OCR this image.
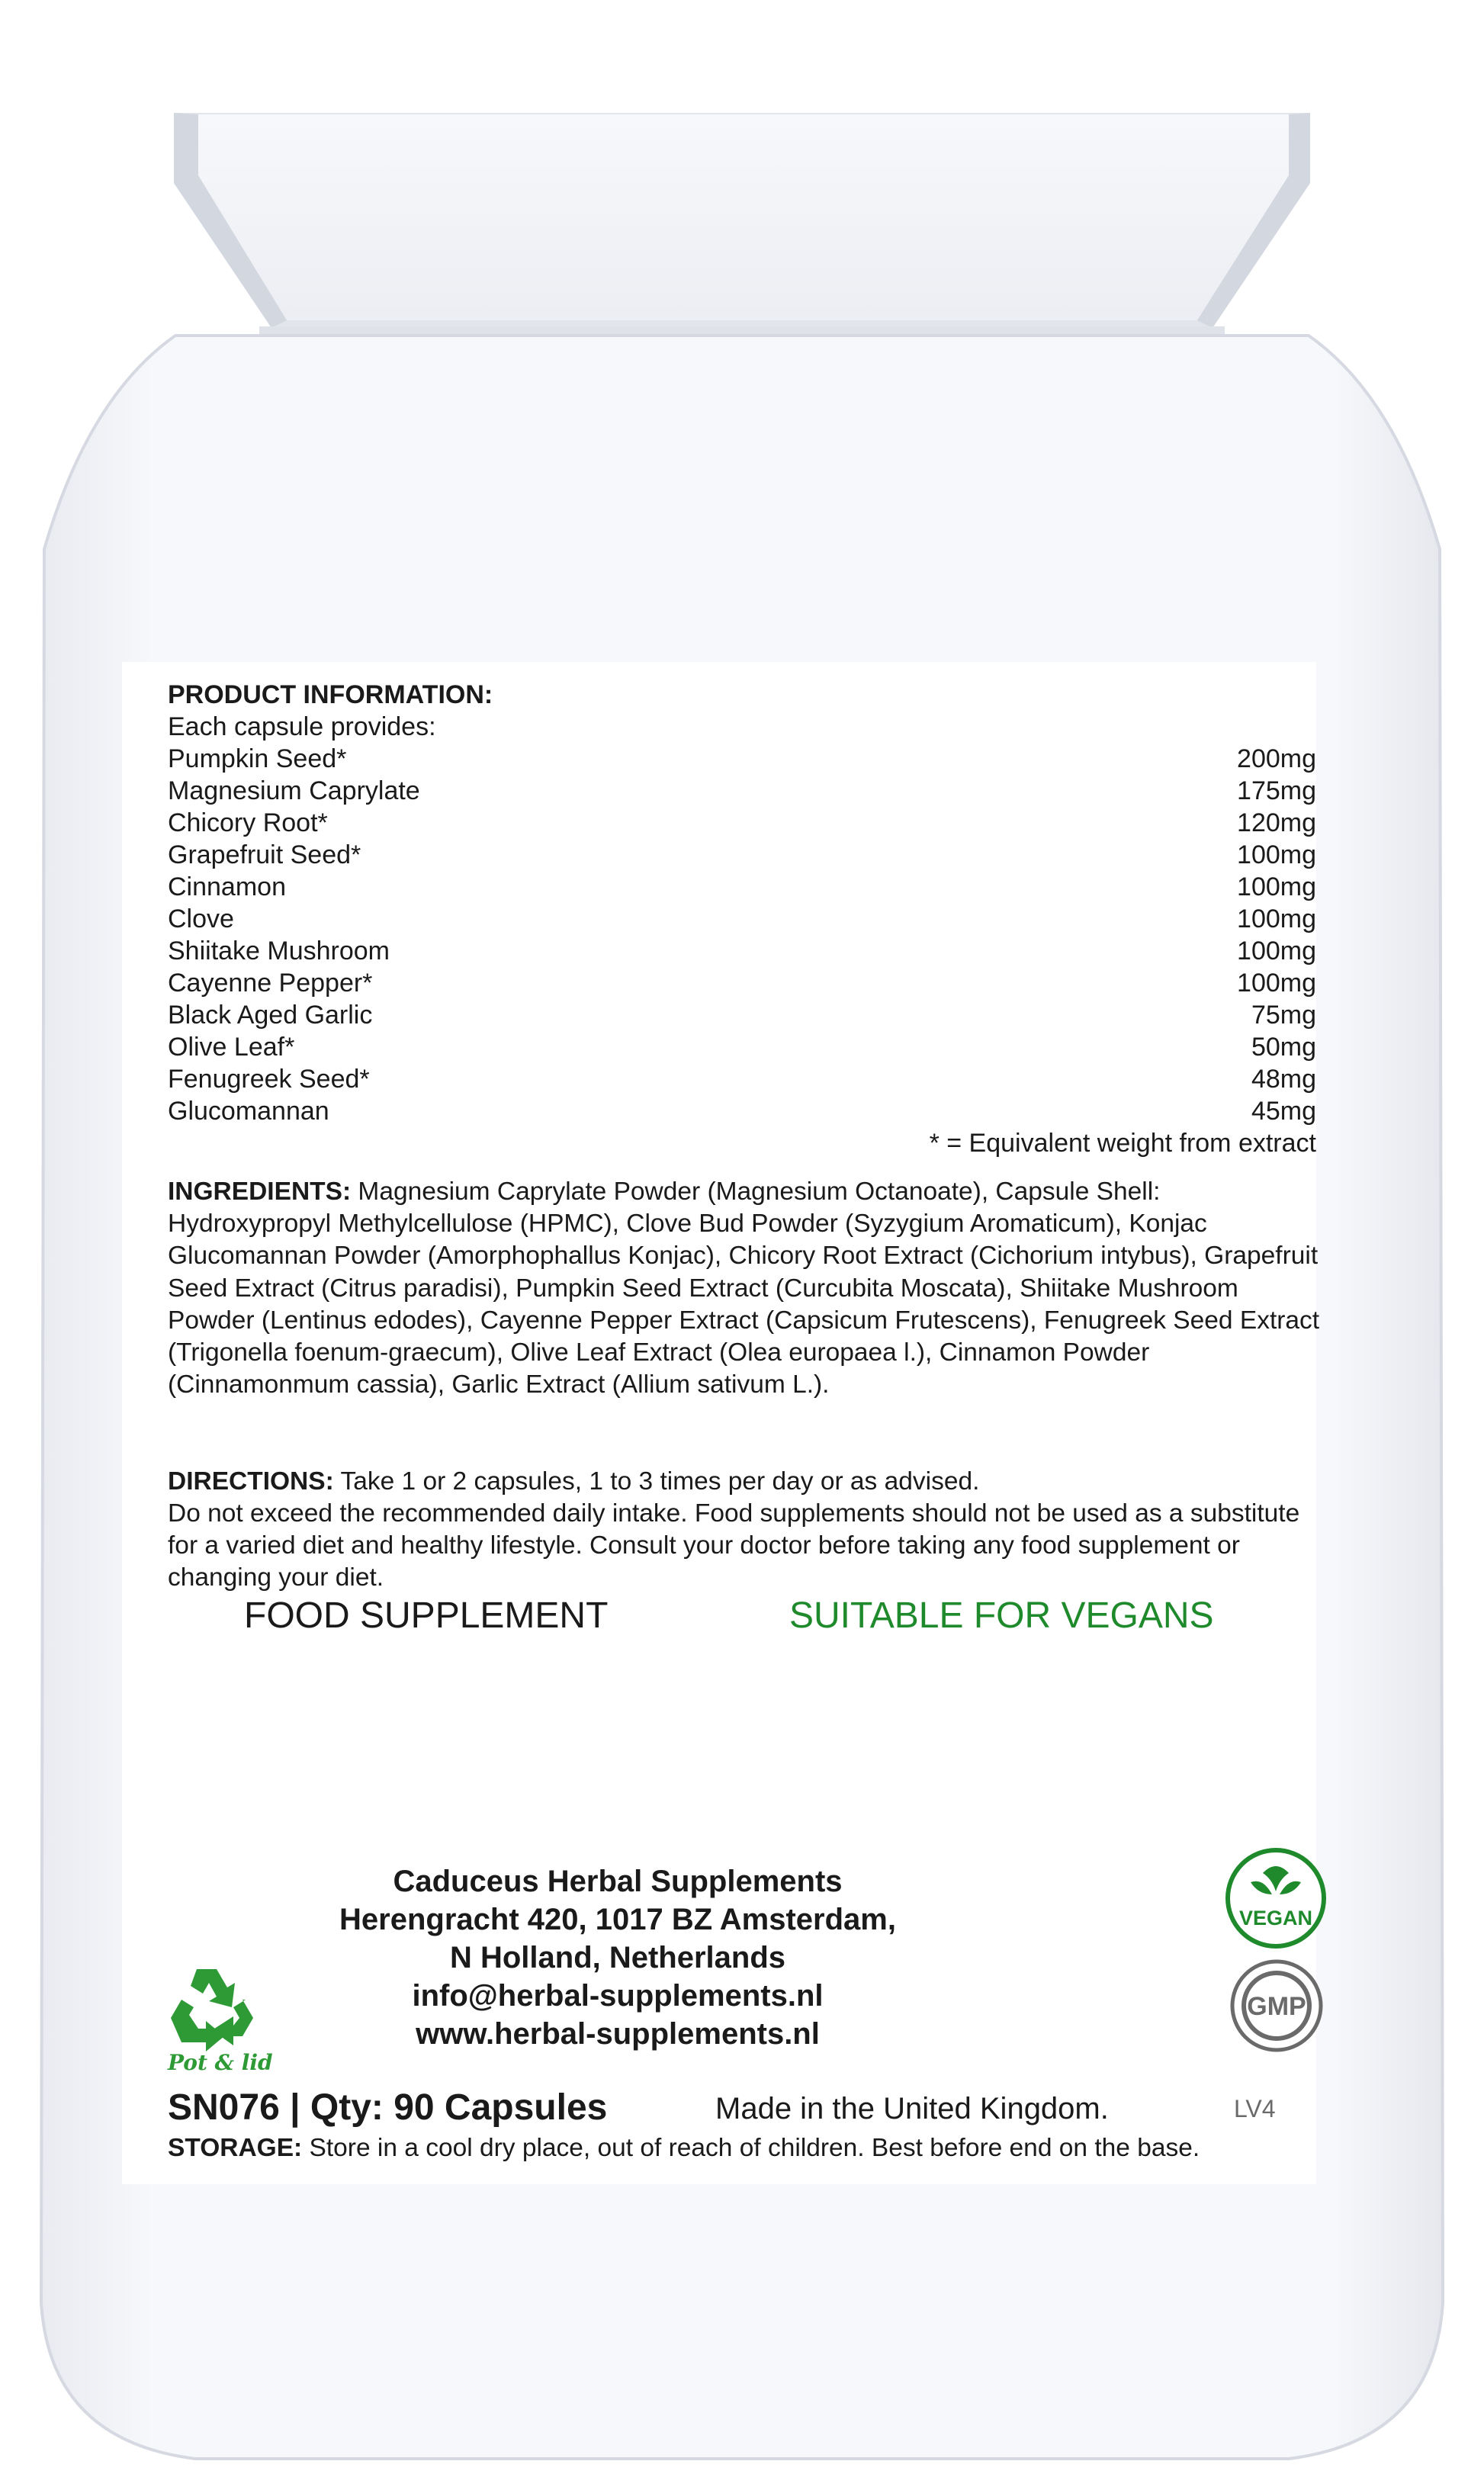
PRODUCT INFORMATION:
Each capsule provides:
Pumpkin Seed*	200mg
Magnesium Caprylate	175mg
Chicory Root*	120mg
Grapefruit Seed*	100mg
Cinnamon	100mg
Clove	100mg
Shiitake Mushroom	100mg
Cayenne Pepper*	100mg
Black Aged Garlic	75mg
Olive Leaf*	50mg
Fenugreek Seed*	48mg
Glucomannan	45mg
* = Equivalent weight from extract
INGREDIENTS: Magnesium Caprylate Powder (Magnesium Octanoate), Capsule Shell: Hydroxypropyl Methylcellulose (HPMC), Clove Bud Powder (Syzygium Aromaticum), Konjac Glucomannan Powder (Amorphophallus Konjac), Chicory Root Extract (Cichorium intybus), Grapefruit Seed Extract (Citrus paradisi), Pumpkin Seed Extract (Curcubita Moscata), Shiitake Mushroom Powder (Lentinus edodes), Cayenne Pepper Extract (Capsicum Frutescens), Fenugreek Seed Extract (Trigonella foenum-graecum), Olive Leaf Extract (Olea europaea l.), Cinnamon Powder (Cinnamonmum cassia), Garlic Extract (Allium sativum L.).
DIRECTIONS: Take 1 or 2 capsules, 1 to 3 times per day or as advised.
Do not exceed the recommended daily intake. Food supplements should not be used as a substitute for a varied diet and healthy lifestyle. Consult your doctor before taking any food supplement or changing your diet.
FOOD SUPPLEMENT	SUITABLE FOR VEGANS
Caduceus Herbal Supplements
Herengracht 420, 1017 BZ Amsterdam,
N Holland, Netherlands
info@herbal-supplements.nl
www.herbal-supplements.nl
Pot & lid
VEGAN
GMP
SN076 | Qty: 90 Capsules	Made in the United Kingdom.	LV4
STORAGE: Store in a cool dry place, out of reach of children. Best before end on the base.
